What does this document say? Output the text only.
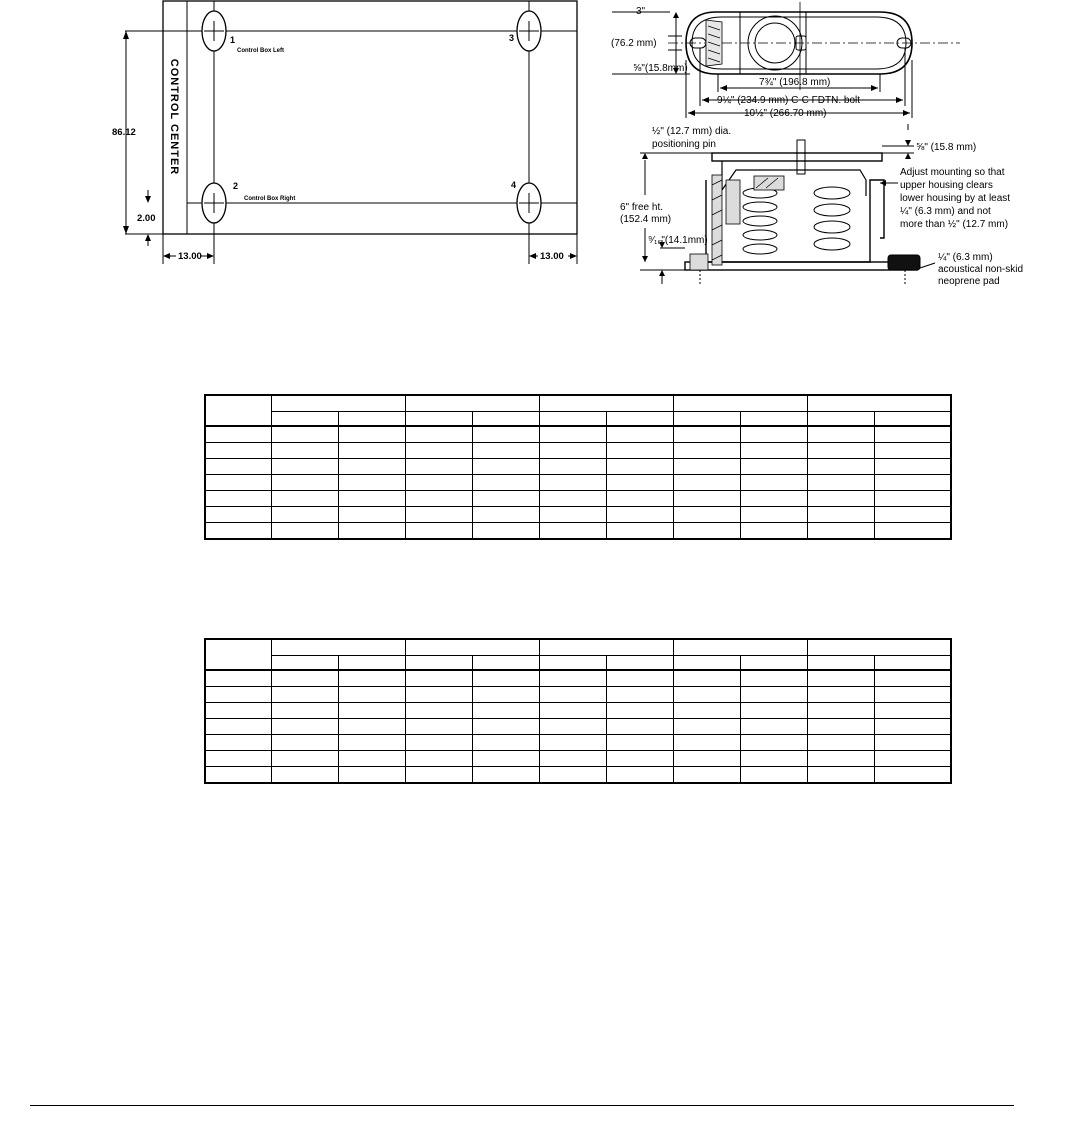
CONTROL CENTER
86.12
2.00
13.00	13.00
1
Control Box Left
2
Control Box Right
3
4
3"
(76.2 mm)
⅝"(15.8mm)
7¾" (196.8 mm)
9¼" (234.9 mm) C-C FDTN. bolt
10½" (266.70 mm)
½" (12.7 mm) dia.
positioning pin	⅝" (15.8 mm)
Adjust mounting so that
upper housing clears
lower housing by at least
¼" (6.3 mm) and not
more than ½" (12.7 mm)
6" free ht.
(152.4 mm)
⁹⁄₁₆"(14.1mm)
¼" (6.3 mm)
acoustical non-skid
neoprene pad
